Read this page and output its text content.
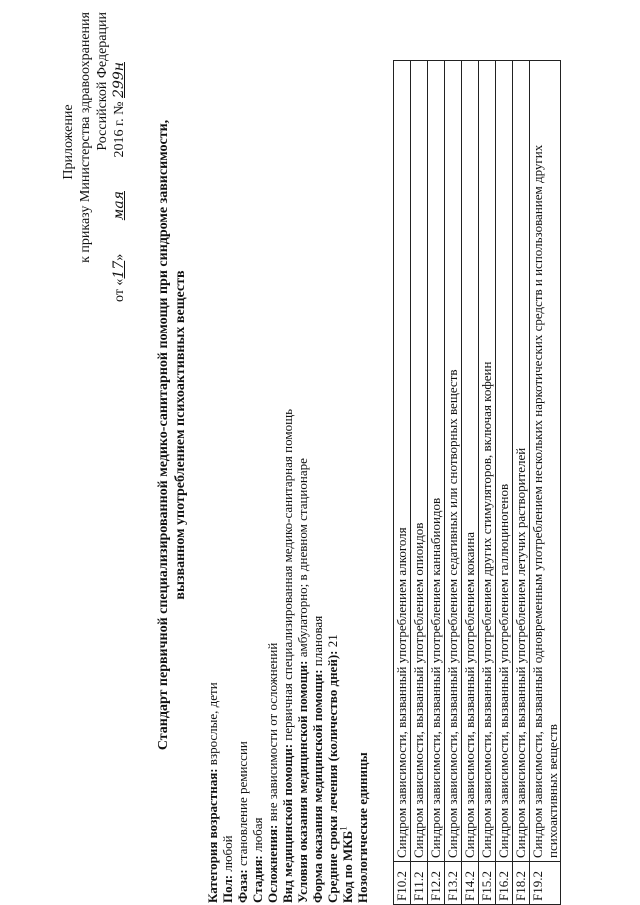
Приложение к приказу Министерства здравоохранения Российской Федерации
от «17» мая 2016 г. № 299н
Стандарт первичной специализированной медико-санитарной помощи при синдроме зависимости, вызванном употреблением психоактивных веществ
Категория возрастная: взрослые, дети
Пол: любой
Фаза: становление ремиссии
Стадия: любая Осложнения: вне зависимости от осложнений Вид медицинской помощи: первичная специализированная медико-санитарная помощь
Условия оказания медицинской помощи: амбулаторно; в дневном стационаре
Форма оказания медицинской помощи: плановая
Средние сроки лечения (количество дней): 21
Код по МКБ$^1$ Нозологические единицы F10.2	Синдром зависимости, вызванный употреблением алкоголя
F11.2	Синдром зависимости, вызванный употреблением опиоидов
F12.2	Синдром зависимости, вызванный употреблением каннабиоидов
F13.2	Синдром зависимости, вызванный употреблением седативных или снотворных веществ
F14.2	Синдром зависимости, вызванный употреблением кокаина
F15.2	Синдром зависимости, вызванный употреблением других стимуляторов, включая кофеин
F16.2	Синдром зависимости, вызванный употреблением галлюциногенов
F18.2	Синдром зависимости, вызванный употреблением летучих растворителей
F19.2	Синдром зависимости, вызванный одновременным употреблением нескольких наркотических средств и использованием других психоактивных веществ
